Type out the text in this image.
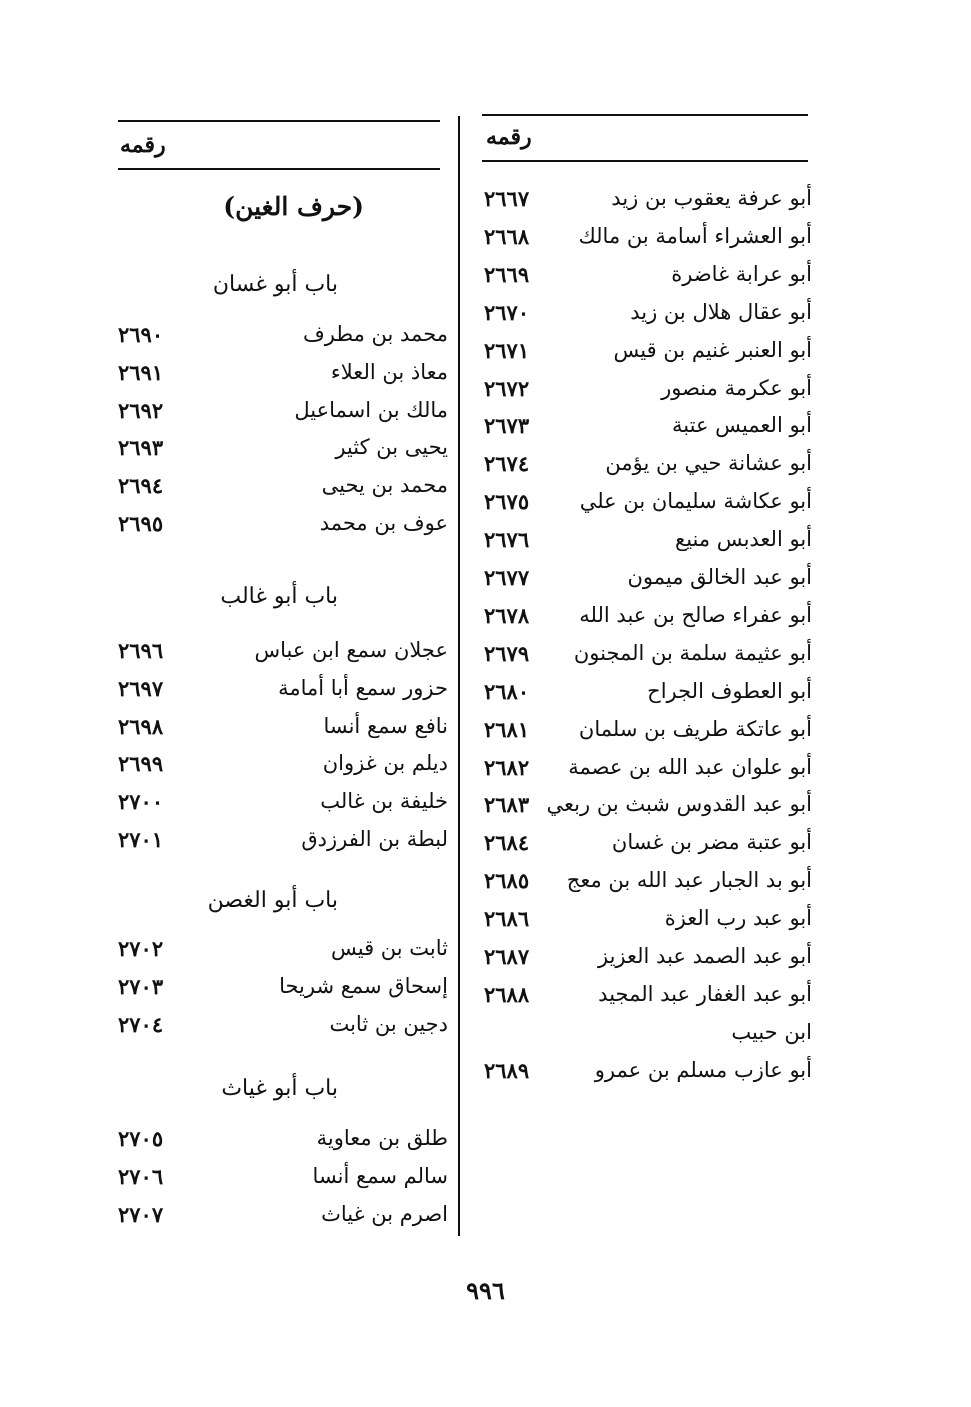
رقمه
رقمه
أبو عرفة يعقوب بن زيد
٢٦٦٧
أبو العشراء أسامة بن مالك
٢٦٦٨
أبو عرابة غاضرة
٢٦٦٩
أبو عقال هلال بن زيد
٢٦٧٠
أبو العنبر غنيم بن قيس
٢٦٧١
أبو عكرمة منصور
٢٦٧٢
أبو العميس عتبة
٢٦٧٣
أبو عشانة حيي بن يؤمن
٢٦٧٤
أبو عكاشة سليمان بن علي
٢٦٧٥
أبو العدبس منيع
٢٦٧٦
أبو عبد الخالق ميمون
٢٦٧٧
أبو عفراء صالح بن عبد الله
٢٦٧٨
أبو عثيمة سلمة بن المجنون
٢٦٧٩
أبو العطوف الجراح
٢٦٨٠
أبو عاتكة طريف بن سلمان
٢٦٨١
أبو علوان عبد الله بن عصمة
٢٦٨٢
أبو عبد القدوس شبث بن ربعي
٢٦٨٣
أبو عتبة مضر بن غسان
٢٦٨٤
أبو بد الجبار عبد الله بن معج
٢٦٨٥
أبو عبد رب العزة
٢٦٨٦
أبو عبد الصمد عبد العزيز
٢٦٨٧
أبو عبد الغفار عبد المجيد
٢٦٨٨
ابن حبيب
أبو عازب مسلم بن عمرو
٢٦٨٩
(حرف الغين)
باب أبو غسان
محمد بن مطرف
٢٦٩٠
معاذ بن العلاء
٢٦٩١
مالك بن اسماعيل
٢٦٩٢
يحيى بن كثير
٢٦٩٣
محمد بن يحيى
٢٦٩٤
عوف بن محمد
٢٦٩٥
باب أبو غالب
عجلان سمع ابن عباس
٢٦٩٦
حزور سمع أبا أمامة
٢٦٩٧
نافع سمع أنسا
٢٦٩٨
ديلم بن غزوان
٢٦٩٩
خليفة بن غالب
٢٧٠٠
لبطة بن الفرزدق
٢٧٠١
باب أبو الغصن
ثابت بن قيس
٢٧٠٢
إسحاق سمع شريحا
٢٧٠٣
دجين بن ثابت
٢٧٠٤
باب أبو غياث
طلق بن معاوية
٢٧٠٥
سالم سمع أنسا
٢٧٠٦
اصرم بن غياث
٢٧٠٧
٩٩٦
